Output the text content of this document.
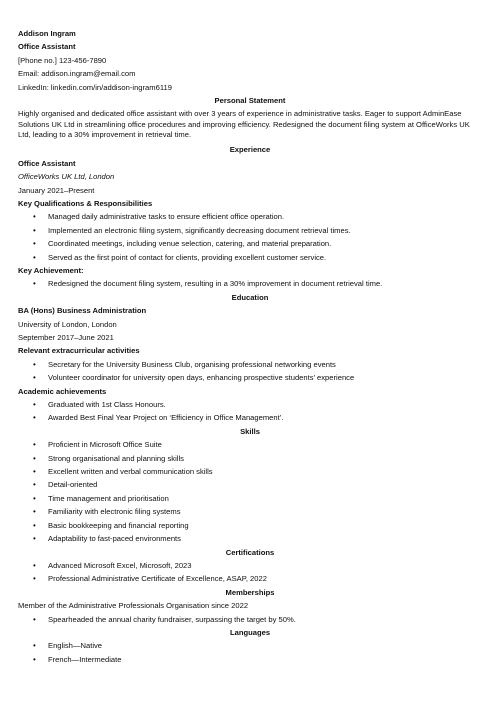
Addison Ingram

Office Assistant

[Phone no.] 123-456-7890

Email: addison.ingram@email.com

LinkedIn: linkedin.com/in/addison-ingram6119

Personal Statement

Highly organised and dedicated office assistant with over 3 years of experience in administrative tasks. Eager to support AdminEase Solutions UK Ltd in streamlining office procedures and improving efficiency. Redesigned the document filing system at OfficeWorks UK Ltd, leading to a 30% improvement in retrieval time.

Experience

Office Assistant

OfficeWorks UK Ltd, London

January 2021–Present

Key Qualifications & Responsibilities

• Managed daily administrative tasks to ensure efficient office operation.
• Implemented an electronic filing system, significantly decreasing document retrieval times.
• Coordinated meetings, including venue selection, catering, and material preparation.
• Served as the first point of contact for clients, providing excellent customer service.

Key Achievement:

• Redesigned the document filing system, resulting in a 30% improvement in document retrieval time.

Education

BA (Hons) Business Administration

University of London, London

September 2017–June 2021

Relevant extracurricular activities

• Secretary for the University Business Club, organising professional networking events
• Volunteer coordinator for university open days, enhancing prospective students’ experience

Academic achievements

• Graduated with 1st Class Honours.
• Awarded Best Final Year Project on ‘Efficiency in Office Management’.

Skills

• Proficient in Microsoft Office Suite
• Strong organisational and planning skills
• Excellent written and verbal communication skills
• Detail-oriented
• Time management and prioritisation
• Familiarity with electronic filing systems
• Basic bookkeeping and financial reporting
• Adaptability to fast-paced environments

Certifications

• Advanced Microsoft Excel, Microsoft, 2023
• Professional Administrative Certificate of Excellence, ASAP, 2022

Memberships

Member of the Administrative Professionals Organisation since 2022

• Spearheaded the annual charity fundraiser, surpassing the target by 50%.

Languages

• English—Native
• French—Intermediate
